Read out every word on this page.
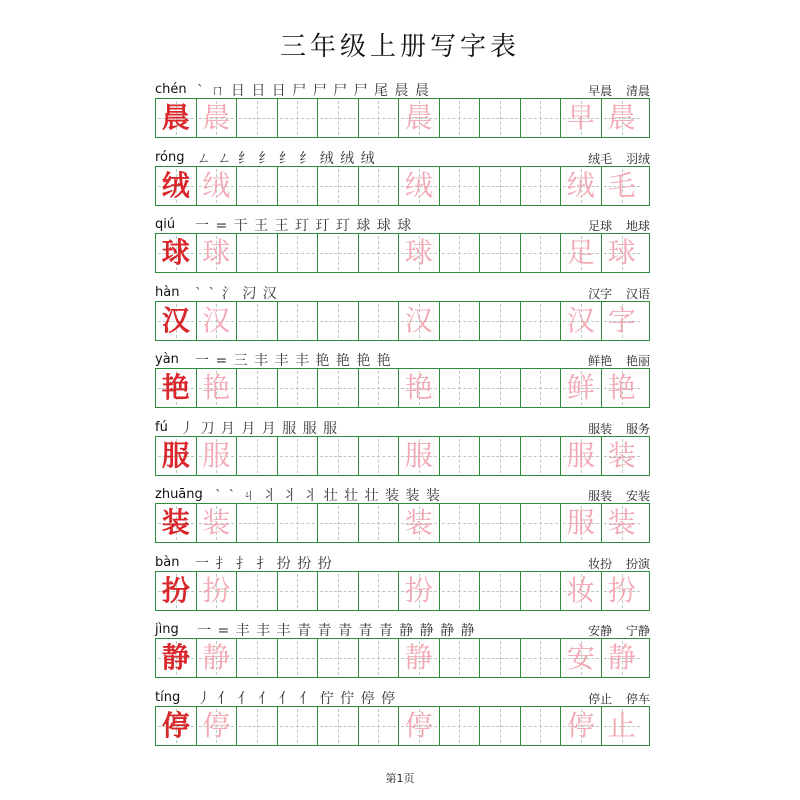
三年级上册写字表
chén ˋ ㄇ 日 日 日 尸 尸 尸 尸 尾 晨 晨	早晨 清晨
晨 晨	晨	早 晨
róng ㄥ ㄥ 纟 纟 纟 纟 绒 绒 绒	绒毛 羽绒
绒 绒	绒	绒 毛
qiú 一 = 干 王 王 玎 玎 玎 球 球 球	足球 地球
球 球	球	足 球
hàn ˋ ˋ 氵 汈 汉	汉字 汉语
汉 汉	汉	汉 字
yàn 一 = 三 丰 丰 丰 艳 艳 艳 艳	鲜艳 艳丽
艳 艳	艳	鲜 艳
fú 丿 刀 月 月 月 服 服 服	服装 服务
服 服	服	服 装
zhuāng ˋ ˋ ㄐ 丬 丬 丬 壮 壮 壮 装 装 装	服装 安装
装 装	装	服 装
bàn 一 扌 扌 扌 扮 扮 扮	妆扮 扮演
扮 扮	扮	妆 扮
jìng 一 = 丰 丰 丰 青 青 青 青 青 静 静 静 静	安静 宁静
静 静	静	安 静
tíng 丿 亻 亻 亻 亻 亻 佇 佇 停 停	停止 停车
停 停	停	停 止
第1页
